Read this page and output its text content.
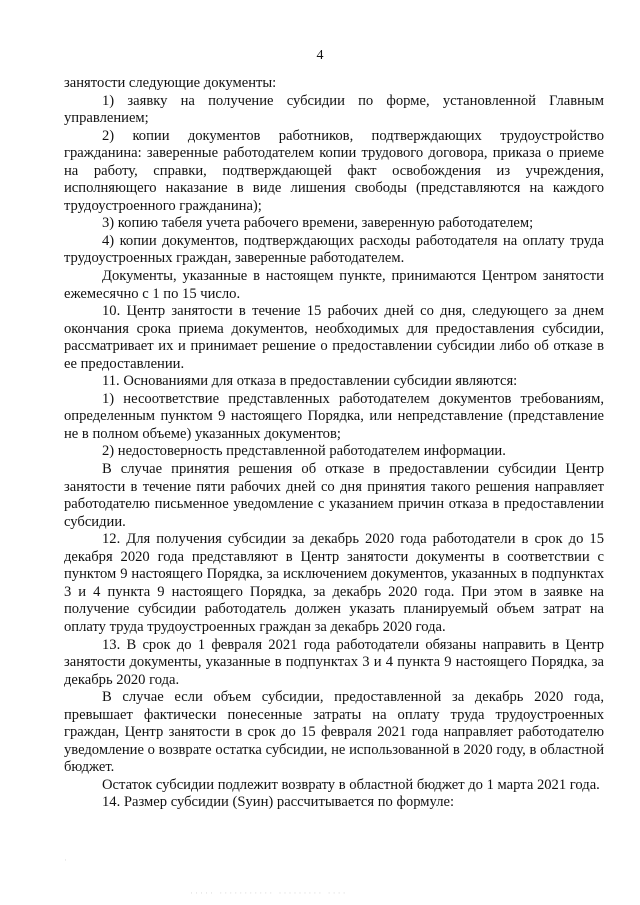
4

занятости следующие документы:

1) заявку на получение субсидии по форме, установленной Главным управлением;

2) копии документов работников, подтверждающих трудоустройство гражданина: заверенные работодателем копии трудового договора, приказа о приеме на работу, справки, подтверждающей факт освобождения из учреждения, исполняющего наказание в виде лишения свободы (представляются на каждого трудоустроенного гражданина);

3) копию табеля учета рабочего времени, заверенную работодателем;

4) копии документов, подтверждающих расходы работодателя на оплату труда трудоустроенных граждан, заверенные работодателем.

Документы, указанные в настоящем пункте, принимаются Центром занятости ежемесячно с 1 по 15 число.

10. Центр занятости в течение 15 рабочих дней со дня, следующего за днем окончания срока приема документов, необходимых для предоставления субсидии, рассматривает их и принимает решение о предоставлении субсидии либо об отказе в ее предоставлении.

11. Основаниями для отказа в предоставлении субсидии являются:

1) несоответствие представленных работодателем документов требованиям, определенным пунктом 9 настоящего Порядка, или непредставление (представление не в полном объеме) указанных документов;

2) недостоверность представленной работодателем информации.

В случае принятия решения об отказе в предоставлении субсидии Центр занятости в течение пяти рабочих дней со дня принятия такого решения направляет работодателю письменное уведомление с указанием причин отказа в предоставлении субсидии.

12. Для получения субсидии за декабрь 2020 года работодатели в срок до 15 декабря 2020 года представляют в Центр занятости документы в соответствии с пунктом 9 настоящего Порядка, за исключением документов, указанных в подпунктах 3 и 4 пункта 9 настоящего Порядка, за декабрь 2020 года. При этом в заявке на получение субсидии работодатель должен указать планируемый объем затрат на оплату труда трудоустроенных граждан за декабрь 2020 года.

13. В срок до 1 февраля 2021 года работодатели обязаны направить в Центр занятости документы, указанные в подпунктах 3 и 4 пункта 9 настоящего Порядка, за декабрь 2020 года.

В случае если объем субсидии, предоставленной за декабрь 2020 года, превышает фактически понесенные затраты на оплату труда трудоустроенных граждан, Центр занятости в срок до 15 февраля 2021 года направляет работодателю уведомление о возврате остатка субсидии, не использованной в 2020 году, в областной бюджет.

Остаток субсидии подлежит возврату в областной бюджет до 1 марта 2021 года.

14. Размер субсидии (Syин) рассчитывается по формуле:

·
····· ··········· ········· ····
